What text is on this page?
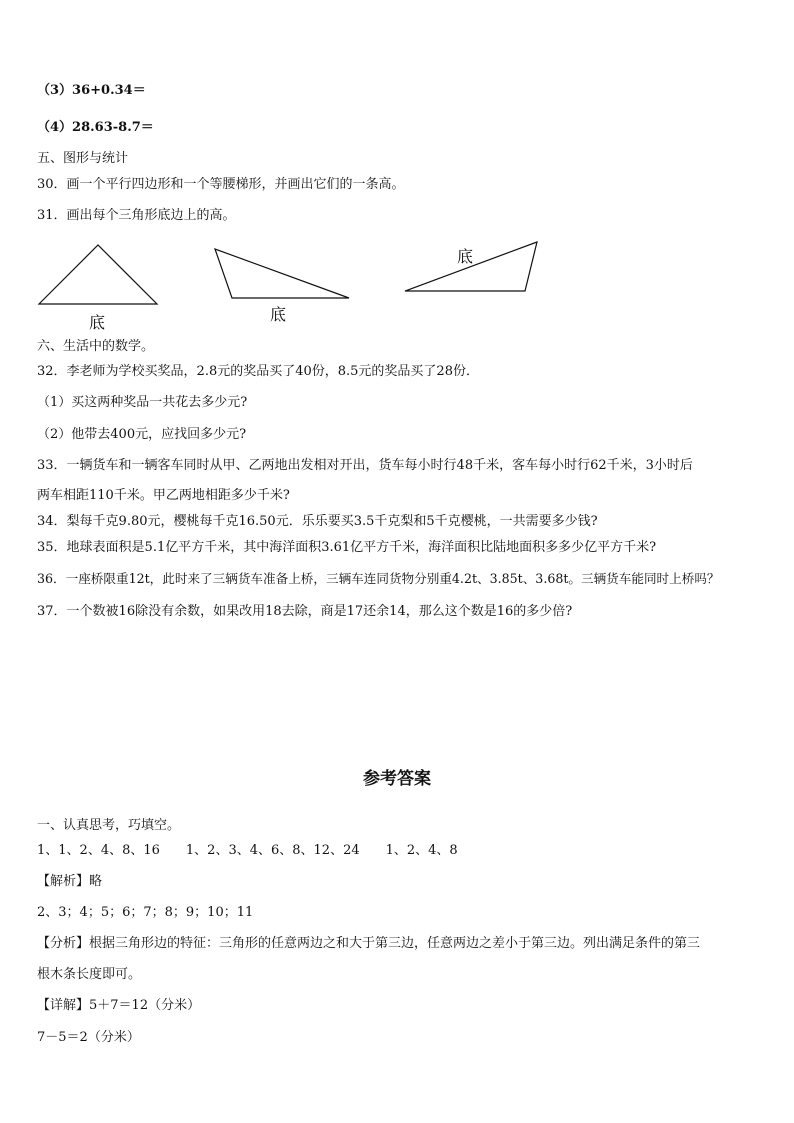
（3）36+0.34＝
（4）28.63-8.7＝
五、图形与统计
30．画一个平行四边形和一个等腰梯形，并画出它们的一条高。
31．画出每个三角形底边上的高。
底	底
底
六、生活中的数学。
32．李老师为学校买奖品，2.8元的奖品买了40份，8.5元的奖品买了28份．
（1）买这两种奖品一共花去多少元?
（2）他带去400元，应找回多少元?
33．一辆货车和一辆客车同时从甲、乙两地出发相对开出，货车每小时行48千米，客车每小时行62千米，3小时后
两车相距110千米。甲乙两地相距多少千米?
34．梨每千克9.80元，樱桃每千克16.50元．乐乐要买3.5千克梨和5千克樱桃，一共需要多少钱?
35．地球表面积是5.1亿平方千米，其中海洋面积3.61亿平方千米，海洋面积比陆地面积多多少亿平方千米?
36．一座桥限重12t，此时来了三辆货车准备上桥，三辆车连同货物分别重4.2t、3.85t、3.68t。三辆货车能同时上桥吗？
37．一个数被16除没有余数，如果改用18去除，商是17还余14，那么这个数是16的多少倍?
参考答案
一、认真思考，巧填空。
1、1、2、4、8、16　　1、2、3、4、6、8、12、24　　1、2、4、8
【解析】略
2、3；4；5；6；7；8；9；10；11
【分析】根据三角形边的特征：三角形的任意两边之和大于第三边，任意两边之差小于第三边。列出满足条件的第三
根木条长度即可。
【详解】5＋7＝12（分米）
7－5＝2（分米）
